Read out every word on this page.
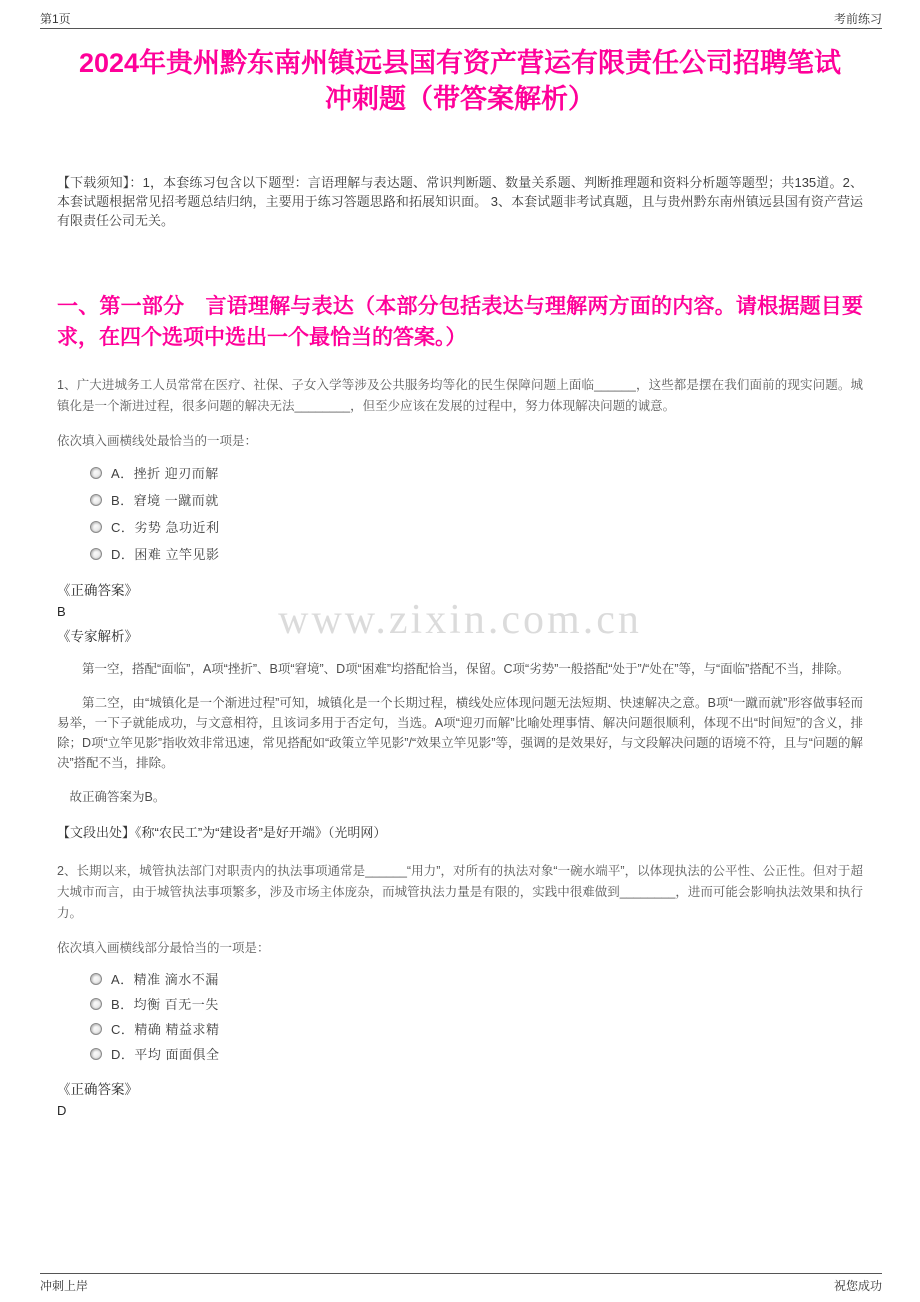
第1页	考前练习
2024年贵州黔东南州镇远县国有资产营运有限责任公司招聘笔试冲刺题（带答案解析）
【下载须知】：1，本套练习包含以下题型：言语理解与表达题、常识判断题、数量关系题、判断推理题和资料分析题等题型；共135道。2、本套试题根据常见招考题总结归纳，主要用于练习答题思路和拓展知识面。 3、本套试题非考试真题，且与贵州黔东南州镇远县国有资产营运有限责任公司无关。
一、第一部分　言语理解与表达（本部分包括表达与理解两方面的内容。请根据题目要求，在四个选项中选出一个最恰当的答案。）
1、广大进城务工人员常常在医疗、社保、子女入学等涉及公共服务均等化的民生保障问题上面临______，这些都是摆在我们面前的现实问题。城镇化是一个渐进过程，很多问题的解决无法________，但至少应该在发展的过程中，努力体现解决问题的诚意。
依次填入画横线处最恰当的一项是：
A．挫折 迎刃而解
B．窘境 一蹴而就
C．劣势 急功近利
D．困难 立竿见影
《正确答案》
B
《专家解析》
第一空，搭配“面临”，A项“挫折”、B项“窘境”、D项“困难”均搭配恰当，保留。C项“劣势”一般搭配“处于”/“处在”等，与“面临”搭配不当，排除。
第二空，由“城镇化是一个渐进过程”可知，城镇化是一个长期过程，横线处应体现问题无法短期、快速解决之意。B项“一蹴而就”形容做事轻而易举，一下子就能成功，与文意相符，且该词多用于否定句，当选。A项“迎刃而解”比喻处理事情、解决问题很顺利，体现不出“时间短”的含义，排除；D项“立竿见影”指收效非常迅速，常见搭配如“政策立竿见影”/“效果立竿见影”等，强调的是效果好，与文段解决问题的语境不符，且与“问题的解决”搭配不当，排除。
故正确答案为B。
【文段出处】《称“农民工”为“建设者”是好开端》（光明网）
2、长期以来，城管执法部门对职责内的执法事项通常是______“用力”，对所有的执法对象“一碗水端平”，以体现执法的公平性、公正性。但对于超大城市而言，由于城管执法事项繁多，涉及市场主体庞杂，而城管执法力量是有限的，实践中很难做到________，进而可能会影响执法效果和执行力。
依次填入画横线部分最恰当的一项是：
A．精准 滴水不漏
B．均衡 百无一失
C．精确 精益求精
D．平均 面面俱全
《正确答案》
D
www.zixin.com.cn
冲刺上岸	祝您成功
